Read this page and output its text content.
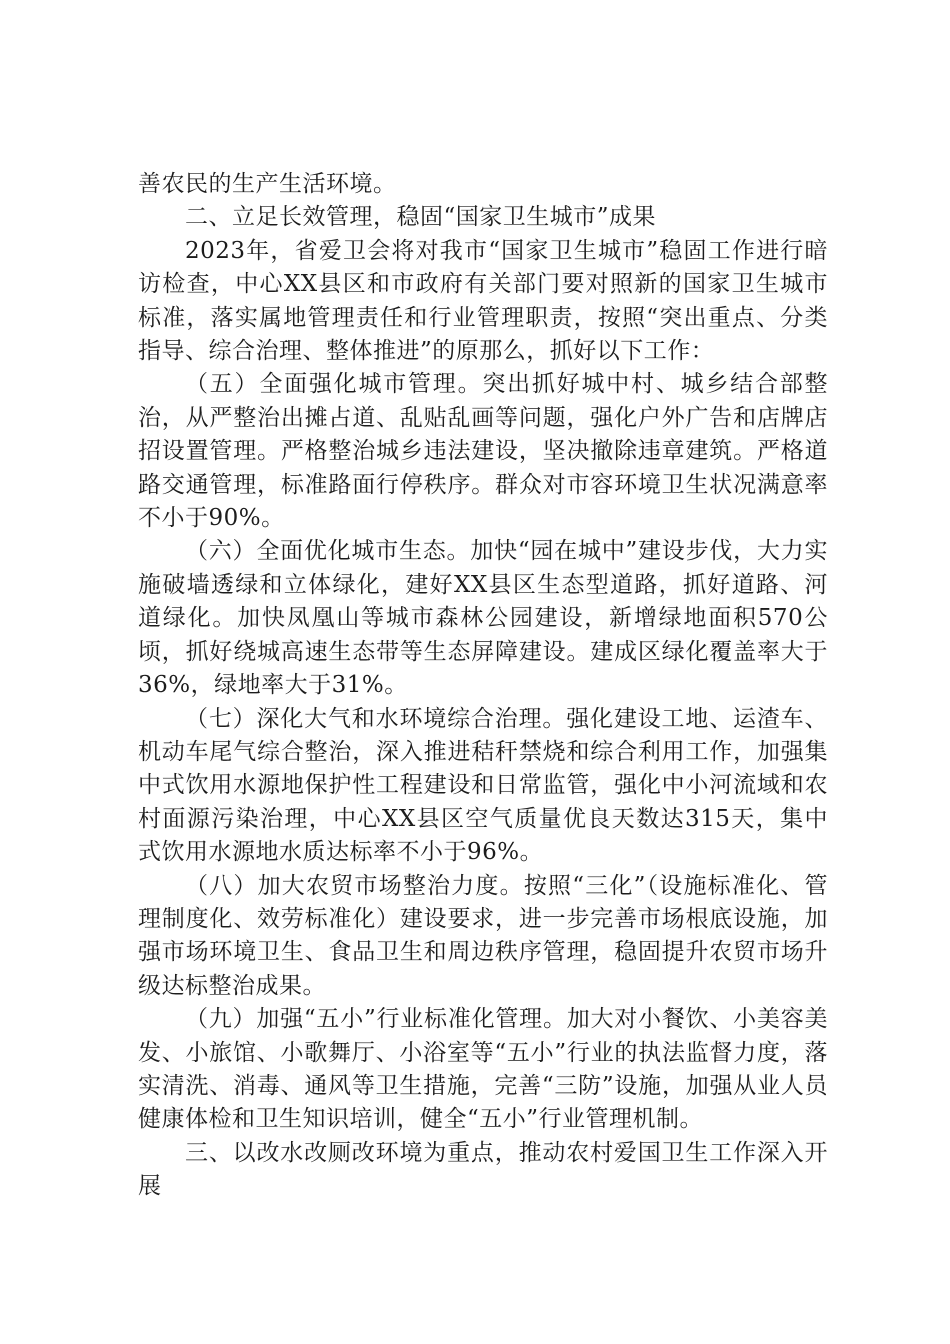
善农民的生产生活环境。

二、立足长效管理，稳固“国家卫生城市”成果

2023年，省爱卫会将对我市“国家卫生城市”稳固工作进行暗访检查，中心XX县区和市政府有关部门要对照新的国家卫生城市标准，落实属地管理责任和行业管理职责，按照“突出重点、分类指导、综合治理、整体推进”的原那么，抓好以下工作：

（五）全面强化城市管理。突出抓好城中村、城乡结合部整治，从严整治出摊占道、乱贴乱画等问题，强化户外广告和店牌店招设置管理。严格整治城乡违法建设，坚决撤除违章建筑。严格道路交通管理，标准路面行停秩序。群众对市容环境卫生状况满意率不小于90%。

（六）全面优化城市生态。加快“园在城中”建设步伐，大力实施破墙透绿和立体绿化，建好XX县区生态型道路，抓好道路、河道绿化。加快凤凰山等城市森林公园建设，新增绿地面积570公顷，抓好绕城高速生态带等生态屏障建设。建成区绿化覆盖率大于36%，绿地率大于31%。

（七）深化大气和水环境综合治理。强化建设工地、运渣车、机动车尾气综合整治，深入推进秸秆禁烧和综合利用工作，加强集中式饮用水源地保护性工程建设和日常监管，强化中小河流域和农村面源污染治理，中心XX县区空气质量优良天数达315天，集中式饮用水源地水质达标率不小于96%。

（八）加大农贸市场整治力度。按照“三化”（设施标准化、管理制度化、效劳标准化）建设要求，进一步完善市场根底设施，加强市场环境卫生、食品卫生和周边秩序管理，稳固提升农贸市场升级达标整治成果。

（九）加强“五小”行业标准化管理。加大对小餐饮、小美容美发、小旅馆、小歌舞厅、小浴室等“五小”行业的执法监督力度，落实清洗、消毒、通风等卫生措施，完善“三防”设施，加强从业人员健康体检和卫生知识培训，健全“五小”行业管理机制。

三、以改水改厕改环境为重点，推动农村爱国卫生工作深入开展
